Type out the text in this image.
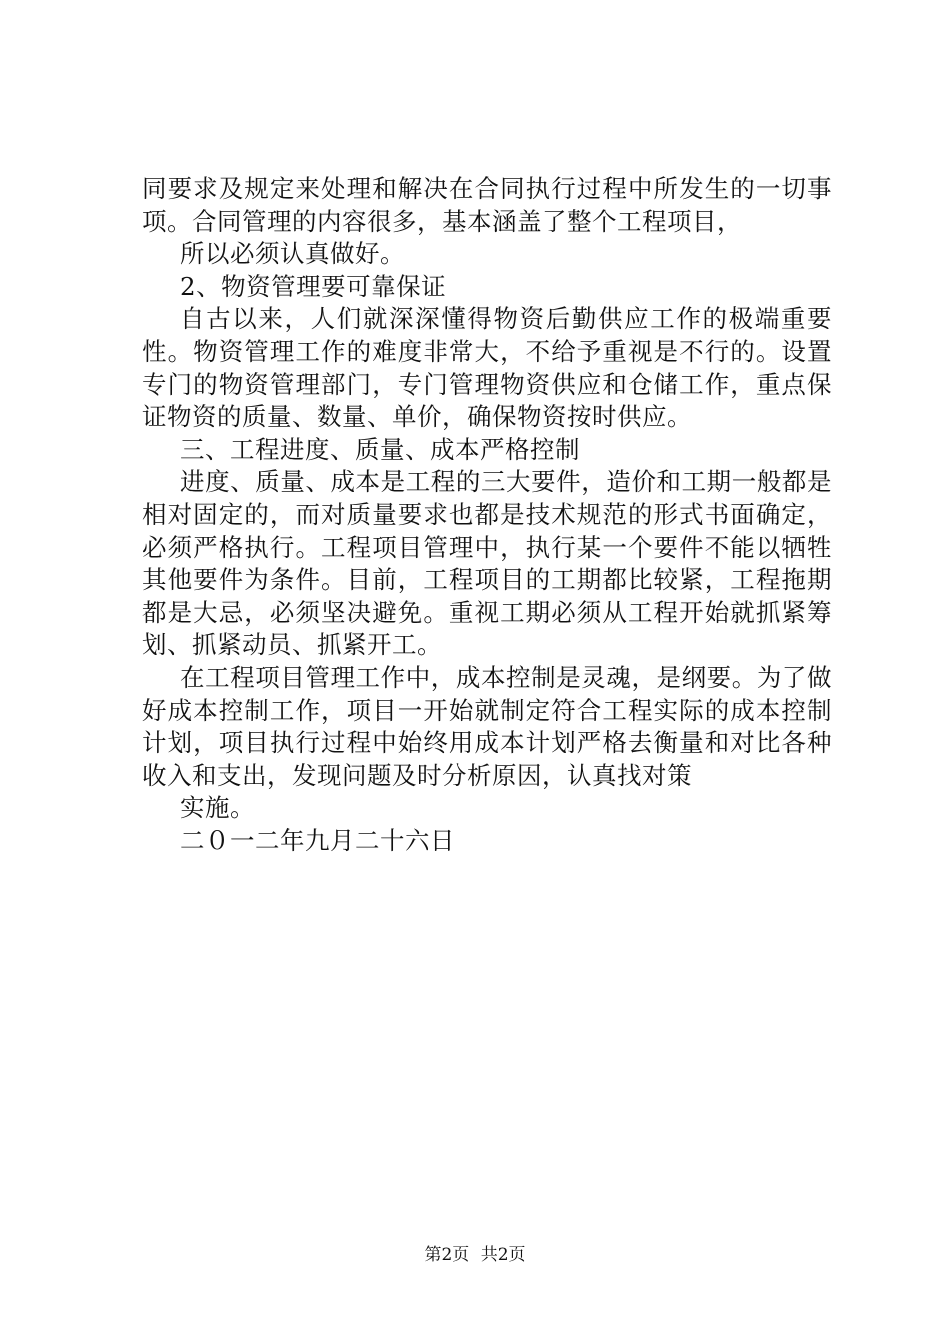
同要求及规定来处理和解决在合同执行过程中所发生的一切事项。合同管理的内容很多，基本涵盖了整个工程项目，

所以必须认真做好。

2、物资管理要可靠保证

自古以来，人们就深深懂得物资后勤供应工作的极端重要性。物资管理工作的难度非常大，不给予重视是不行的。设置专门的物资管理部门，专门管理物资供应和仓储工作，重点保证物资的质量、数量、单价，确保物资按时供应。

三、工程进度、质量、成本严格控制

进度、质量、成本是工程的三大要件，造价和工期一般都是相对固定的，而对质量要求也都是技术规范的形式书面确定，必须严格执行。工程项目管理中，执行某一个要件不能以牺牲其他要件为条件。目前，工程项目的工期都比较紧，工程拖期都是大忌，必须坚决避免。重视工期必须从工程开始就抓紧筹划、抓紧动员、抓紧开工。

在工程项目管理工作中，成本控制是灵魂，是纲要。为了做好成本控制工作，项目一开始就制定符合工程实际的成本控制计划，项目执行过程中始终用成本计划严格去衡量和对比各种收入和支出，发现问题及时分析原因，认真找对策

实施。

二０一二年九月二十六日

第2页 共2页
